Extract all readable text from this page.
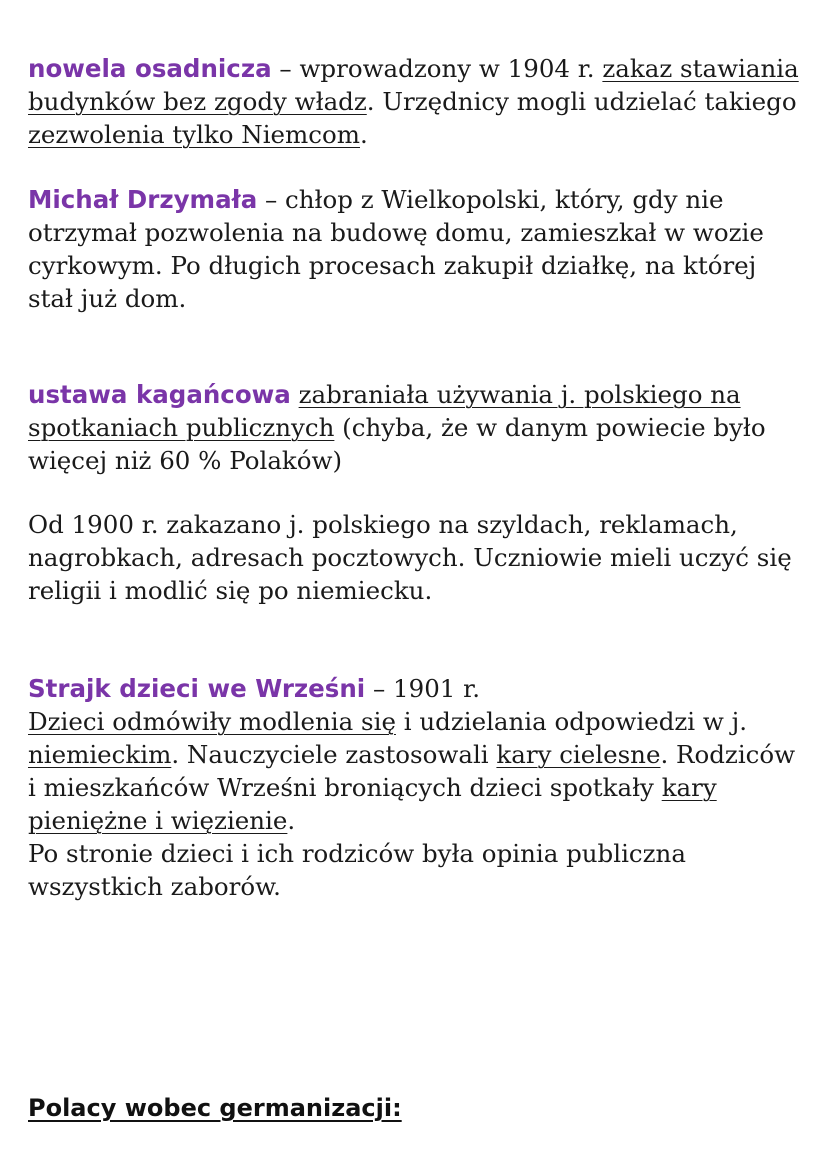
nowela osadnicza – wprowadzony w 1904 r. zakaz stawiania budynków bez zgody władz. Urzędnicy mogli udzielać takiego zezwolenia tylko Niemcom.
Michał Drzymała – chłop z Wielkopolski, który, gdy nie otrzymał pozwolenia na budowę domu, zamieszkał w wozie cyrkowym. Po długich procesach zakupił działkę, na której stał już dom.
ustawa kagańcowa zabraniała używania j. polskiego na spotkaniach publicznych (chyba, że w danym powiecie było więcej niż 60 % Polaków)
Od 1900 r. zakazano j. polskiego na szyldach, reklamach, nagrobkach, adresach pocztowych. Uczniowie mieli uczyć się religii i modlić się po niemiecku.
Strajk dzieci we Wrześni – 1901 r.
Dzieci odmówiły modlenia się i udzielania odpowiedzi w j. niemieckim. Nauczyciele zastosowali kary cielesne. Rodziców i mieszkańców Wrześni broniących dzieci spotkały kary pieniężne i więzienie.
Po stronie dzieci i ich rodziców była opinia publiczna wszystkich zaborów.
Polacy wobec germanizacji:
